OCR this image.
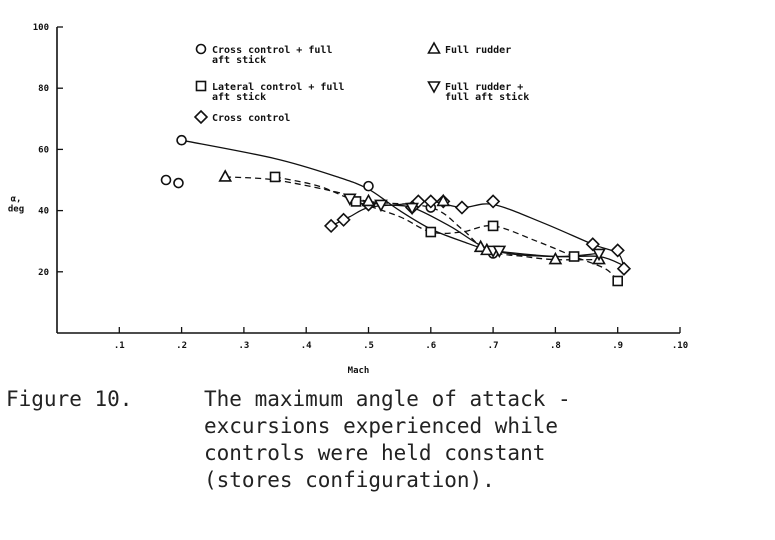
.1	.2	.3	.4	.5	.6	.7	.8	.9	.10
20
40
60
80
100
Mach
α,
deg
Cross control + full
aft stick
Lateral control + full
aft stick
Cross control
Full rudder
Full rudder +
full aft stick
Figure 10.	The maximum angle of attack -
excursions experienced while
controls were held constant
(stores configuration).
